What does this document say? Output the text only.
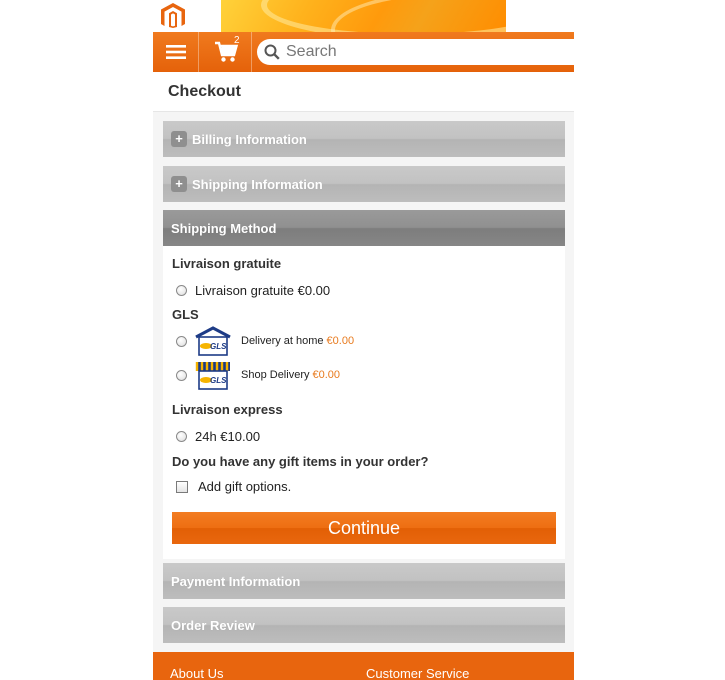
2
Search
Checkout
+ Billing Information
+ Shipping Information
Shipping Method
Livraison gratuite
Livraison gratuite €0.00
GLS
GLS Delivery at home €0.00
GLS Shop Delivery €0.00
Livraison express
24h €10.00
Do you have any gift items in your order?
Add gift options.
Continue
Payment Information
Order Review
About Us	Customer Service
